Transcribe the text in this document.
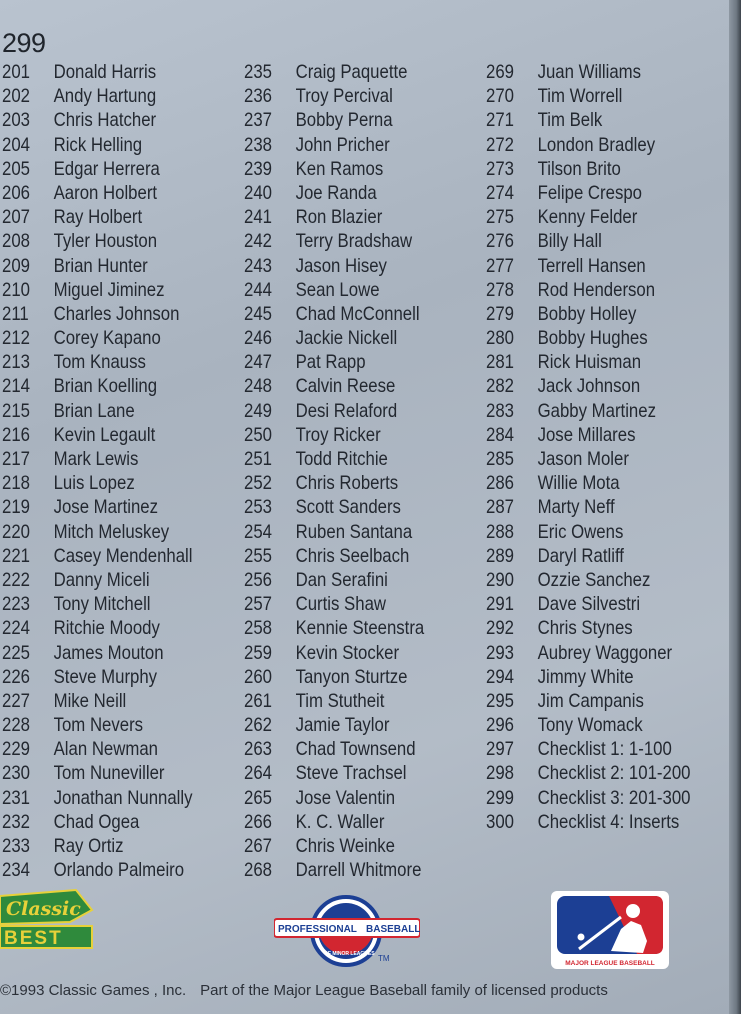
299
201 Donald Harris
202 Andy Hartung
203 Chris Hatcher
204 Rick Helling
205 Edgar Herrera
206 Aaron Holbert
207 Ray Holbert
208 Tyler Houston
209 Brian Hunter
210 Miguel Jiminez
211 Charles Johnson
212 Corey Kapano
213 Tom Knauss
214 Brian Koelling
215 Brian Lane
216 Kevin Legault
217 Mark Lewis
218 Luis Lopez
219 Jose Martinez
220 Mitch Meluskey
221 Casey Mendenhall
222 Danny Miceli
223 Tony Mitchell
224 Ritchie Moody
225 James Mouton
226 Steve Murphy
227 Mike Neill
228 Tom Nevers
229 Alan Newman
230 Tom Nuneviller
231 Jonathan Nunnally
232 Chad Ogea
233 Ray Ortiz
234 Orlando Palmeiro
235 Craig Paquette
236 Troy Percival
237 Bobby Perna
238 John Pricher
239 Ken Ramos
240 Joe Randa
241 Ron Blazier
242 Terry Bradshaw
243 Jason Hisey
244 Sean Lowe
245 Chad McConnell
246 Jackie Nickell
247 Pat Rapp
248 Calvin Reese
249 Desi Relaford
250 Troy Ricker
251 Todd Ritchie
252 Chris Roberts
253 Scott Sanders
254 Ruben Santana
255 Chris Seelbach
256 Dan Serafini
257 Curtis Shaw
258 Kennie Steenstra
259 Kevin Stocker
260 Tanyon Sturtze
261 Tim Stutheit
262 Jamie Taylor
263 Chad Townsend
264 Steve Trachsel
265 Jose Valentin
266 K. C. Waller
267 Chris Weinke
268 Darrell Whitmore
269 Juan Williams
270 Tim Worrell
271 Tim Belk
272 London Bradley
273 Tilson Brito
274 Felipe Crespo
275 Kenny Felder
276 Billy Hall
277 Terrell Hansen
278 Rod Henderson
279 Bobby Holley
280 Bobby Hughes
281 Rick Huisman
282 Jack Johnson
283 Gabby Martinez
284 Jose Millares
285 Jason Moler
286 Willie Mota
287 Marty Neff
288 Eric Owens
289 Daryl Ratliff
290 Ozzie Sanchez
291 Dave Silvestri
292 Chris Stynes
293 Aubrey Waggoner
294 Jimmy White
295 Jim Campanis
296 Tony Womack
297 Checklist 1: 1-100
298 Checklist 2: 101-200
299 Checklist 3: 201-300
300 Checklist 4: Inserts
Classic
BEST	PROFESSIONAL BASEBALL
OF MINOR LEAGUES TM
MAJOR LEAGUE BASEBALL
©1993 Classic Games , Inc. Part of the Major League Baseball family of licensed products
